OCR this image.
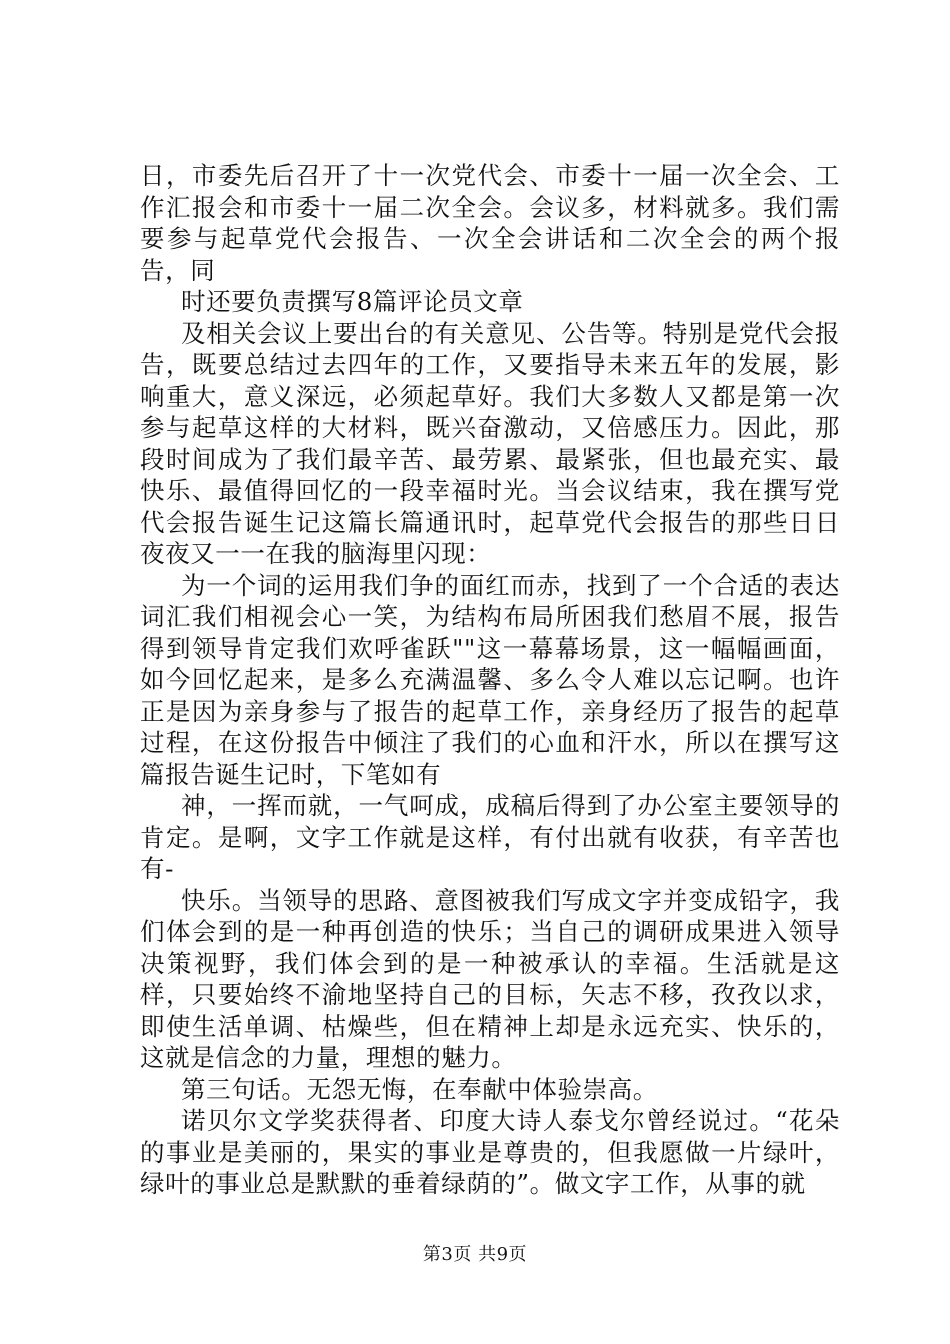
日，市委先后召开了十一次党代会、市委十一届一次全会、工作汇报会和市委十一届二次全会。会议多，材料就多。我们需要参与起草党代会报告、一次全会讲话和二次全会的两个报告，同

时还要负责撰写8篇评论员文章

及相关会议上要出台的有关意见、公告等。特别是党代会报告，既要总结过去四年的工作，又要指导未来五年的发展，影响重大，意义深远，必须起草好。我们大多数人又都是第一次参与起草这样的大材料，既兴奋激动，又倍感压力。因此，那段时间成为了我们最辛苦、最劳累、最紧张，但也最充实、最快乐、最值得回忆的一段幸福时光。当会议结束，我在撰写党代会报告诞生记这篇长篇通讯时，起草党代会报告的那些日日夜夜又一一在我的脑海里闪现：

为一个词的运用我们争的面红而赤，找到了一个合适的表达词汇我们相视会心一笑，为结构布局所困我们愁眉不展，报告得到领导肯定我们欢呼雀跃""这一幕幕场景，这一幅幅画面，如今回忆起来，是多么充满温馨、多么令人难以忘记啊。也许正是因为亲身参与了报告的起草工作，亲身经历了报告的起草过程，在这份报告中倾注了我们的心血和汗水，所以在撰写这篇报告诞生记时，下笔如有

神，一挥而就，一气呵成，成稿后得到了办公室主要领导的肯定。是啊，文字工作就是这样，有付出就有收获，有辛苦也有-

快乐。当领导的思路、意图被我们写成文字并变成铅字，我们体会到的是一种再创造的快乐；当自己的调研成果进入领导决策视野，我们体会到的是一种被承认的幸福。生活就是这样，只要始终不渝地坚持自己的目标，矢志不移，孜孜以求，即使生活单调、枯燥些，但在精神上却是永远充实、快乐的，这就是信念的力量，理想的魅力。

第三句话。无怨无悔，在奉献中体验崇高。

诺贝尔文学奖获得者、印度大诗人泰戈尔曾经说过。“花朵的事业是美丽的，果实的事业是尊贵的，但我愿做一片绿叶，绿叶的事业总是默默的垂着绿荫的”。做文字工作，从事的就

第3页 共9页
